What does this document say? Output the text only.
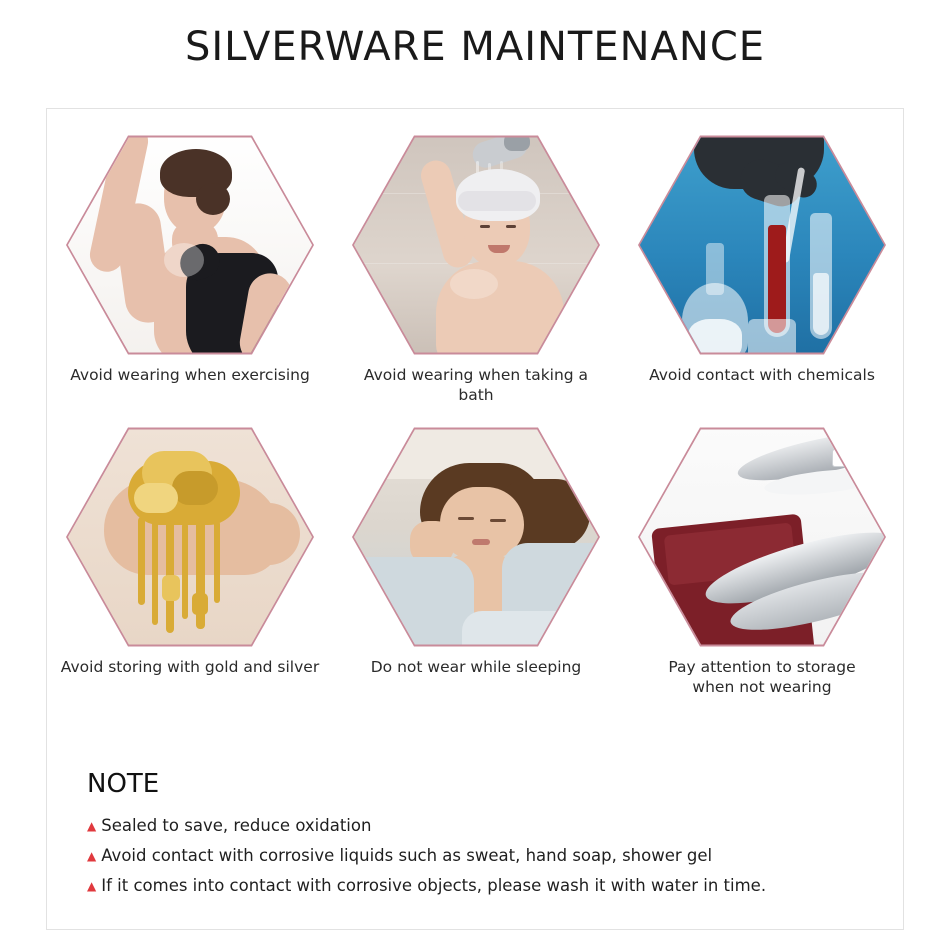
SILVERWARE MAINTENANCE
Avoid wearing when exercising	Avoid wearing when taking a bath
Avoid contact with chemicals
Avoid storing with gold and silver	Do not wear while sleeping	Pay attention to storage
when not wearing
NOTE
▲ Sealed to save, reduce oxidation
▲ Avoid contact with corrosive liquids such as sweat, hand soap, shower gel
▲ If it comes into contact with corrosive objects, please wash it with water in time.
